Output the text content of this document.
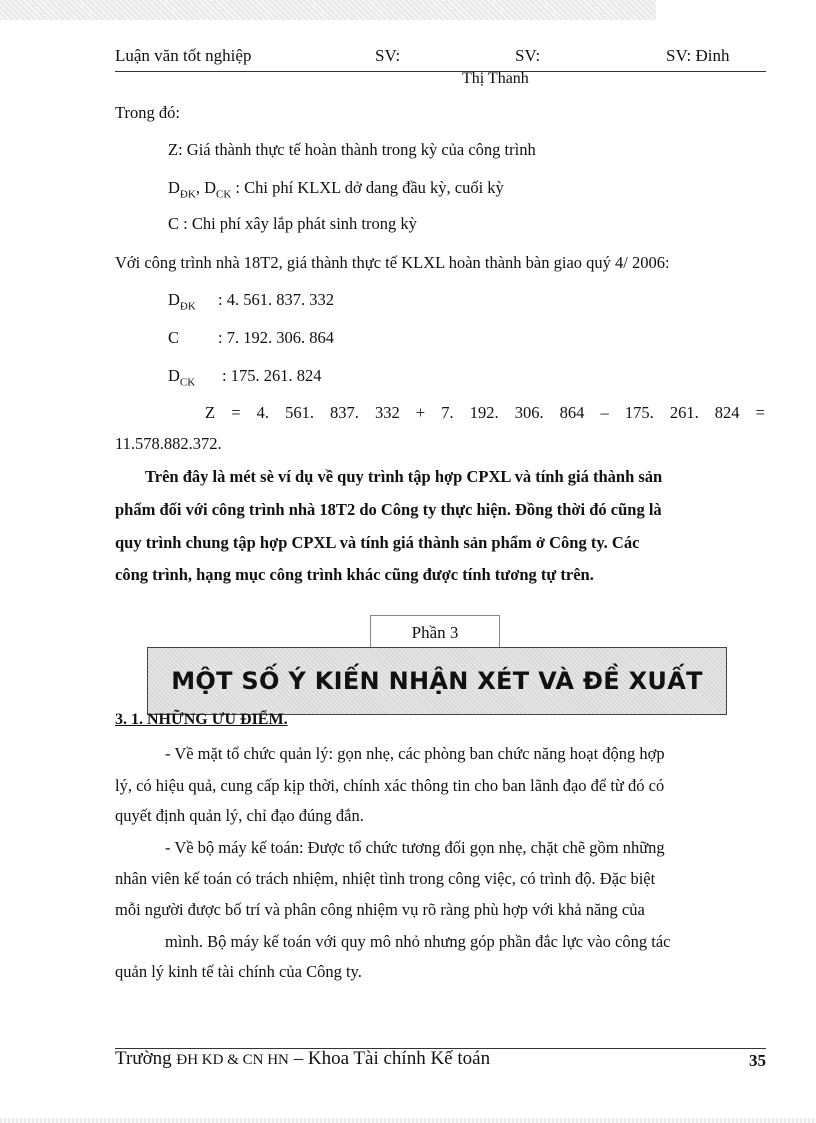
Luận văn tốt nghiệp	SV:	SV:	SV: Đinh
Thị Thanh
Trong đó:
Z: Giá thành thực tế hoàn thành trong kỳ của công trình
$D_{ĐK}$, $D_{CK}$ : Chi phí KLXL dở dang đầu kỳ, cuối kỳ
C : Chi phí xây lắp phát sinh trong kỳ
Với công trình nhà 18T2, giá thành thực tế KLXL hoàn thành bàn giao quý 4/ 2006:
$D_{ĐK}$ : 4. 561. 837. 332
C : 7. 192. 306. 864
$D_{CK}$ : 175. 261. 824
Z = 4. 561. 837. 332 + 7. 192. 306. 864 – 175. 261. 824 =
11.578.882.372.
Trên đây là mét sè ví dụ về quy trình tập hợp CPXL và tính giá thành sản
phẩm đối với công trình nhà 18T2 do Công ty thực hiện. Đồng thời đó cũng là
quy trình chung tập hợp CPXL và tính giá thành sản phẩm ở Công ty. Các
công trình, hạng mục công trình khác cũng được tính tương tự trên.
Phần 3
MỘT SỐ Ý KIẾN NHẬN XÉT VÀ ĐỀ XUẤT
3. 1. NHỮNG ƯU ĐIỂM.
- Về mặt tổ chức quản lý: gọn nhẹ, các phòng ban chức năng hoạt động hợp
lý, có hiệu quả, cung cấp kịp thời, chính xác thông tin cho ban lãnh đạo để từ đó có
quyết định quản lý, chỉ đạo đúng đắn.
- Về bộ máy kế toán: Được tổ chức tương đối gọn nhẹ, chặt chẽ gồm những
nhân viên kế toán có trách nhiệm, nhiệt tình trong công việc, có trình độ. Đặc biệt
mỗi người được bố trí và phân công nhiệm vụ rõ ràng phù hợp với khả năng của
mình. Bộ máy kế toán với quy mô nhỏ nhưng góp phần đắc lực vào công tác
quản lý kinh tế tài chính của Công ty.
Trường ĐH KD & CN HN – Khoa Tài chính Kế toán	35
